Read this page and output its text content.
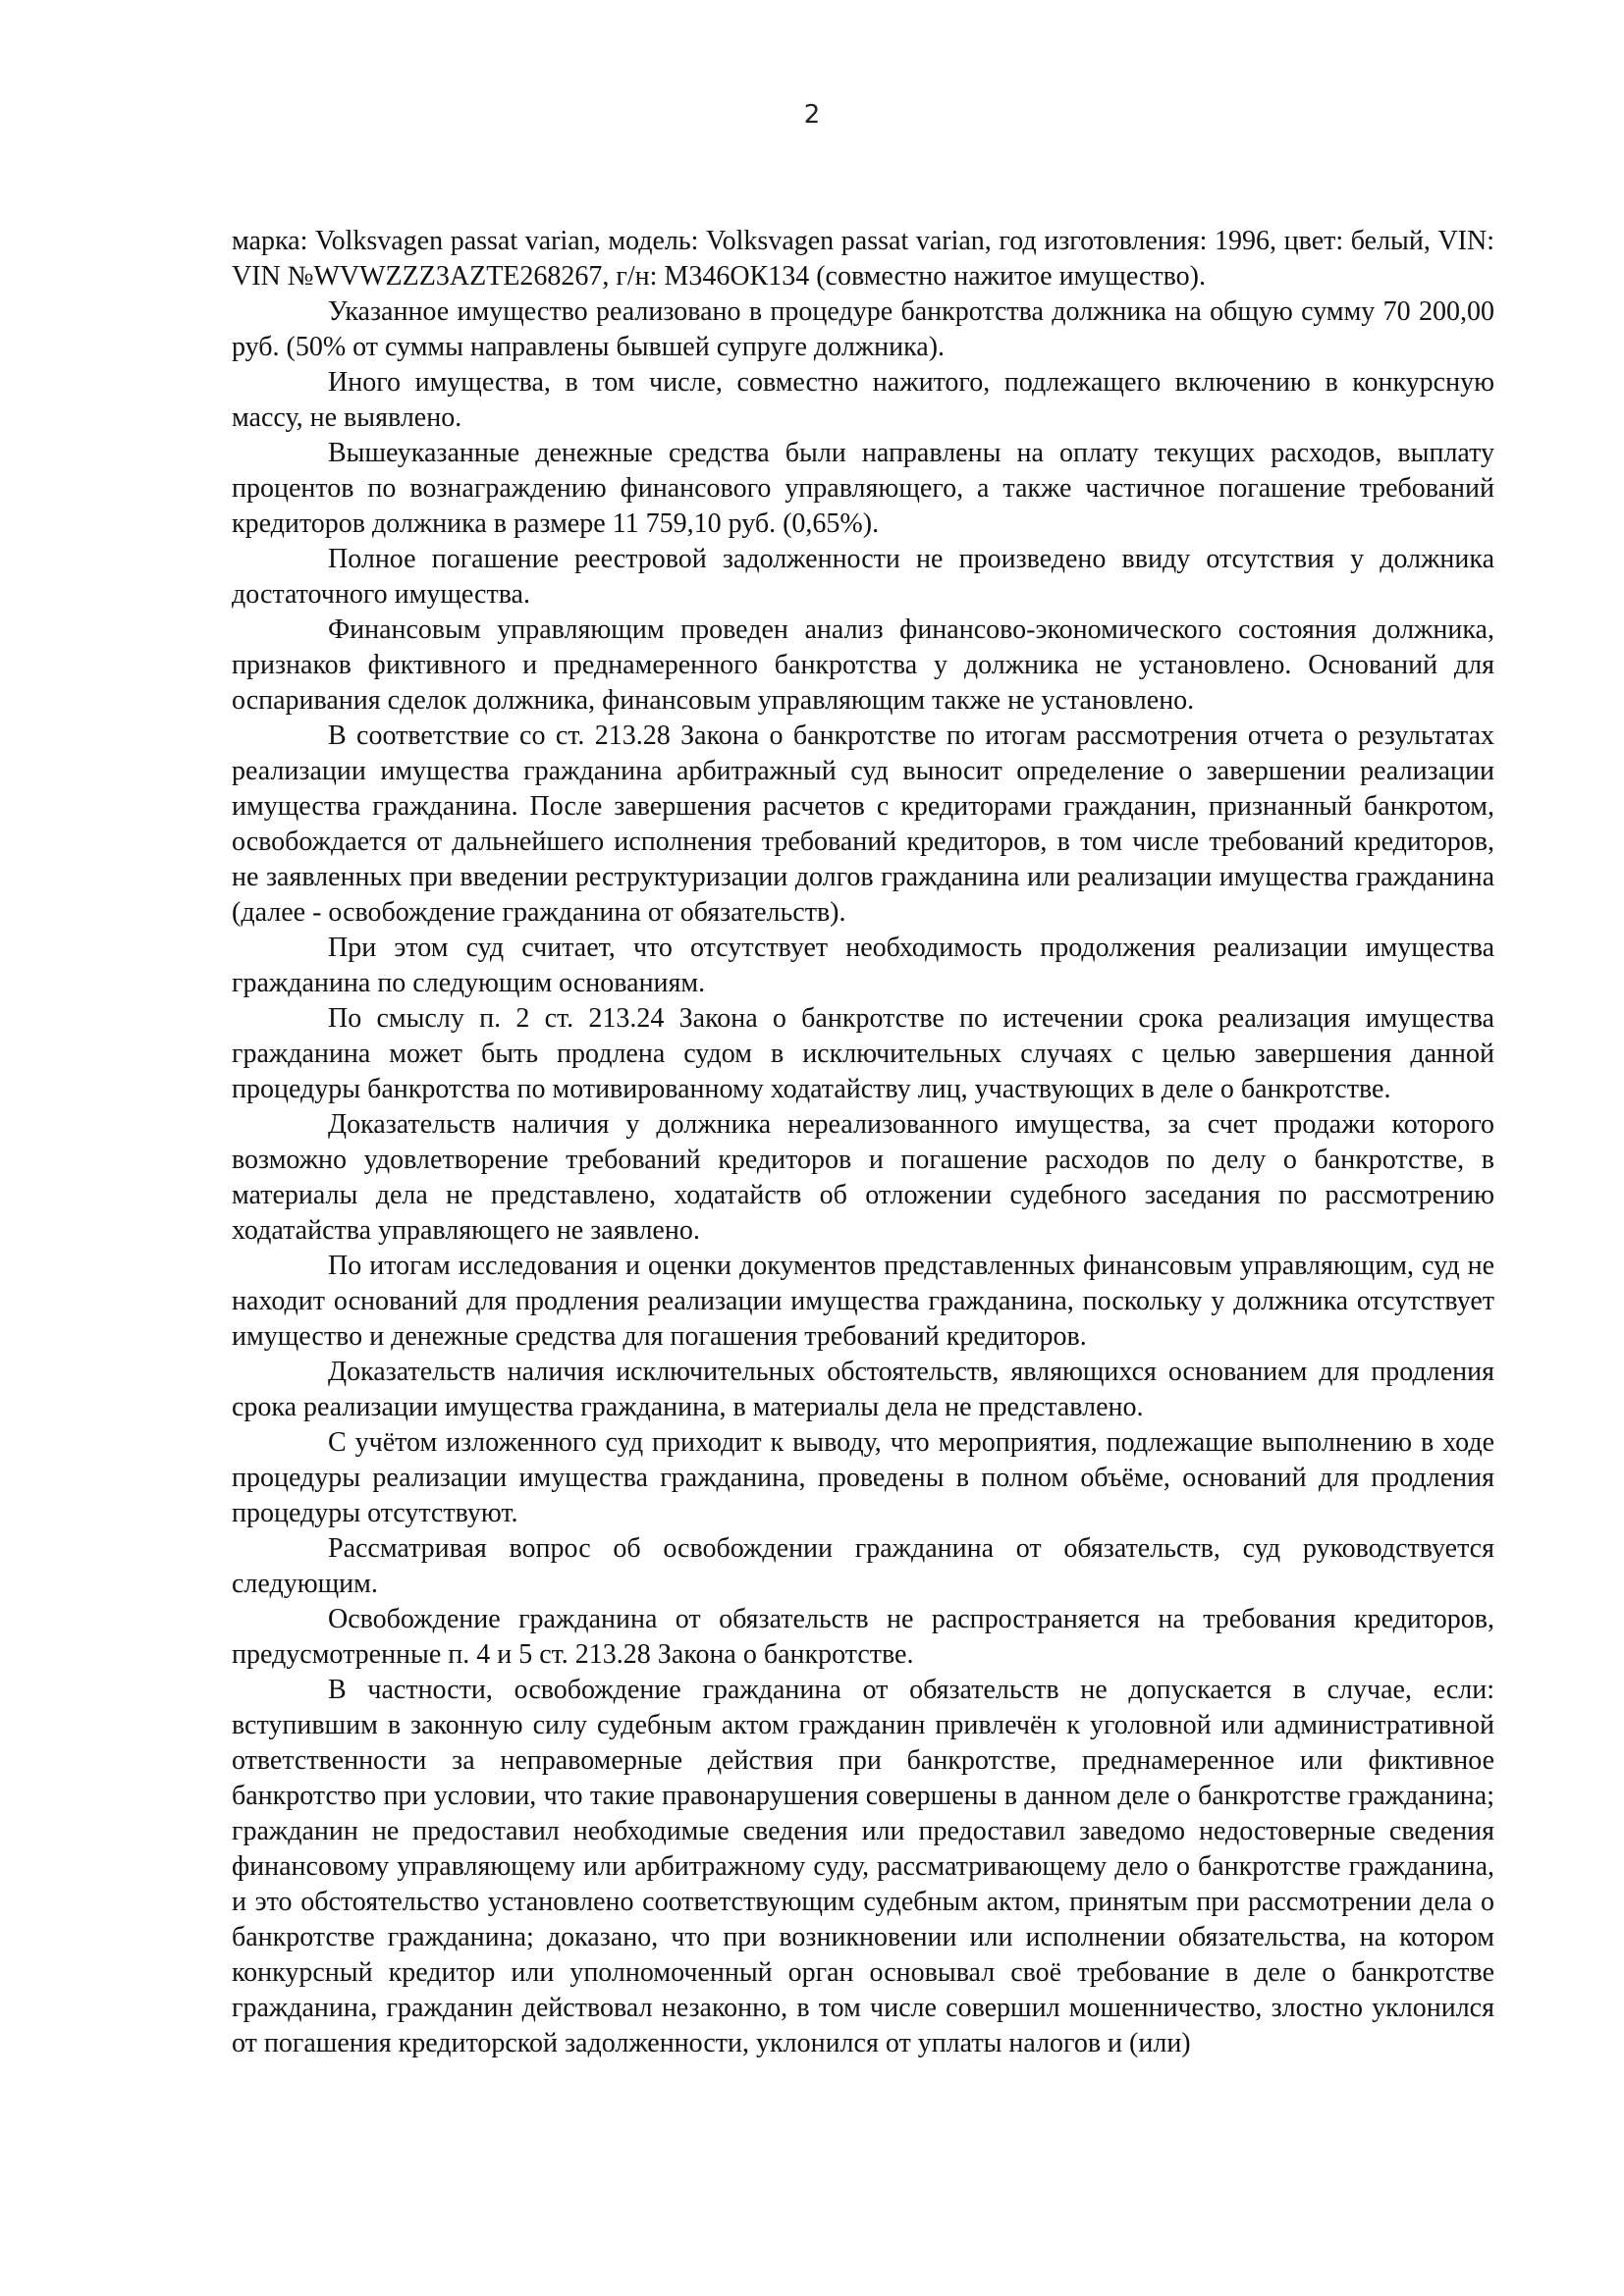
2

марка: Volksvagen passat varian, модель: Volksvagen passat varian, год изготовления: 1996, цвет: белый, VIN: VIN №WVWZZZ3AZTE268267, г/н: М346ОК134 (совместно нажитое имущество).

Указанное имущество реализовано в процедуре банкротства должника на общую сумму 70 200,00 руб. (50% от суммы направлены бывшей супруге должника).

Иного имущества, в том числе, совместно нажитого, подлежащего включению в конкурсную массу, не выявлено.

Вышеуказанные денежные средства были направлены на оплату текущих расходов, выплату процентов по вознаграждению финансового управляющего, а также частичное погашение требований кредиторов должника в размере 11 759,10 руб. (0,65%).

Полное погашение реестровой задолженности не произведено ввиду отсутствия у должника достаточного имущества.

Финансовым управляющим проведен анализ финансово-экономического состояния должника, признаков фиктивного и преднамеренного банкротства у должника не установлено. Оснований для оспаривания сделок должника, финансовым управляющим также не установлено.

В соответствие со ст. 213.28 Закона о банкротстве по итогам рассмотрения отчета о результатах реализации имущества гражданина арбитражный суд выносит определение о завершении реализации имущества гражданина. После завершения расчетов с кредиторами гражданин, признанный банкротом, освобождается от дальнейшего исполнения требований кредиторов, в том числе требований кредиторов, не заявленных при введении реструктуризации долгов гражданина или реализации имущества гражданина (далее - освобождение гражданина от обязательств).

При этом суд считает, что отсутствует необходимость продолжения реализации имущества гражданина по следующим основаниям.

По смыслу п. 2 ст. 213.24 Закона о банкротстве по истечении срока реализация имущества гражданина может быть продлена судом в исключительных случаях с целью завершения данной процедуры банкротства по мотивированному ходатайству лиц, участвующих в деле о банкротстве.

Доказательств наличия у должника нереализованного имущества, за счет продажи которого возможно удовлетворение требований кредиторов и погашение расходов по делу о банкротстве, в материалы дела не представлено, ходатайств об отложении судебного заседания по рассмотрению ходатайства управляющего не заявлено.

По итогам исследования и оценки документов представленных финансовым управляющим, суд не находит оснований для продления реализации имущества гражданина, поскольку у должника отсутствует имущество и денежные средства для погашения требований кредиторов.

Доказательств наличия исключительных обстоятельств, являющихся основанием для продления срока реализации имущества гражданина, в материалы дела не представлено.

С учётом изложенного суд приходит к выводу, что мероприятия, подлежащие выполнению в ходе процедуры реализации имущества гражданина, проведены в полном объёме, оснований для продления процедуры отсутствуют.

Рассматривая вопрос об освобождении гражданина от обязательств, суд руководствуется следующим.

Освобождение гражданина от обязательств не распространяется на требования кредиторов, предусмотренные п. 4 и 5 ст. 213.28 Закона о банкротстве.

В частности, освобождение гражданина от обязательств не допускается в случае, если: вступившим в законную силу судебным актом гражданин привлечён к уголовной или административной ответственности за неправомерные действия при банкротстве, преднамеренное или фиктивное банкротство при условии, что такие правонарушения совершены в данном деле о банкротстве гражданина; гражданин не предоставил необходимые сведения или предоставил заведомо недостоверные сведения финансовому управляющему или арбитражному суду, рассматривающему дело о банкротстве гражданина, и это обстоятельство установлено соответствующим судебным актом, принятым при рассмотрении дела о банкротстве гражданина; доказано, что при возникновении или исполнении обязательства, на котором конкурсный кредитор или уполномоченный орган основывал своё требование в деле о банкротстве гражданина, гражданин действовал незаконно, в том числе совершил мошенничество, злостно уклонился от погашения кредиторской задолженности, уклонился от уплаты налогов и (или)
